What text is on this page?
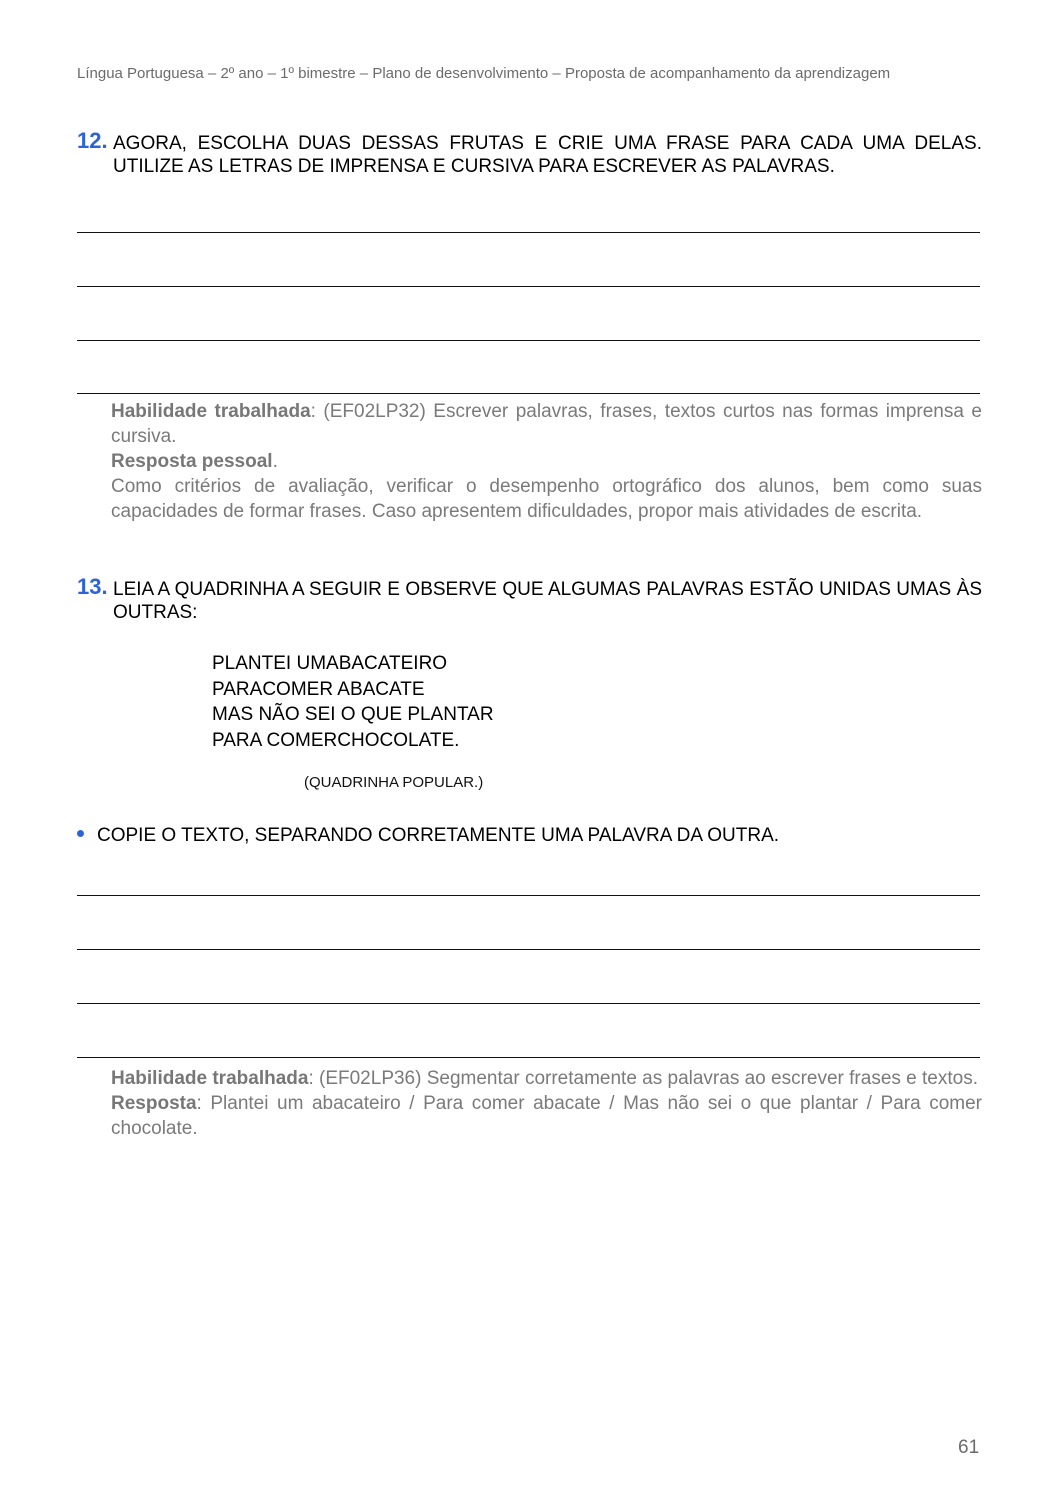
Língua Portuguesa – 2º ano – 1º bimestre – Plano de desenvolvimento – Proposta de acompanhamento da aprendizagem
12. AGORA, ESCOLHA DUAS DESSAS FRUTAS E CRIE UMA FRASE PARA CADA UMA DELAS. UTILIZE AS LETRAS DE IMPRENSA E CURSIVA PARA ESCREVER AS PALAVRAS.

Habilidade trabalhada: (EF02LP32) Escrever palavras, frases, textos curtos nas formas imprensa e cursiva.

Resposta pessoal.

Como critérios de avaliação, verificar o desempenho ortográfico dos alunos, bem como suas capacidades de formar frases. Caso apresentem dificuldades, propor mais atividades de escrita.

13. LEIA A QUADRINHA A SEGUIR E OBSERVE QUE ALGUMAS PALAVRAS ESTÃO UNIDAS UMAS ÀS OUTRAS:
PLANTEI UMABACATEIRO
PARACOMER ABACATE
MAS NÃO SEI O QUE PLANTAR
PARA COMERCHOCOLATE.
(QUADRINHA POPULAR.)
COPIE O TEXTO, SEPARANDO CORRETAMENTE UMA PALAVRA DA OUTRA.

Habilidade trabalhada: (EF02LP36) Segmentar corretamente as palavras ao escrever frases e textos.

Resposta: Plantei um abacateiro / Para comer abacate / Mas não sei o que plantar / Para comer chocolate.

61
